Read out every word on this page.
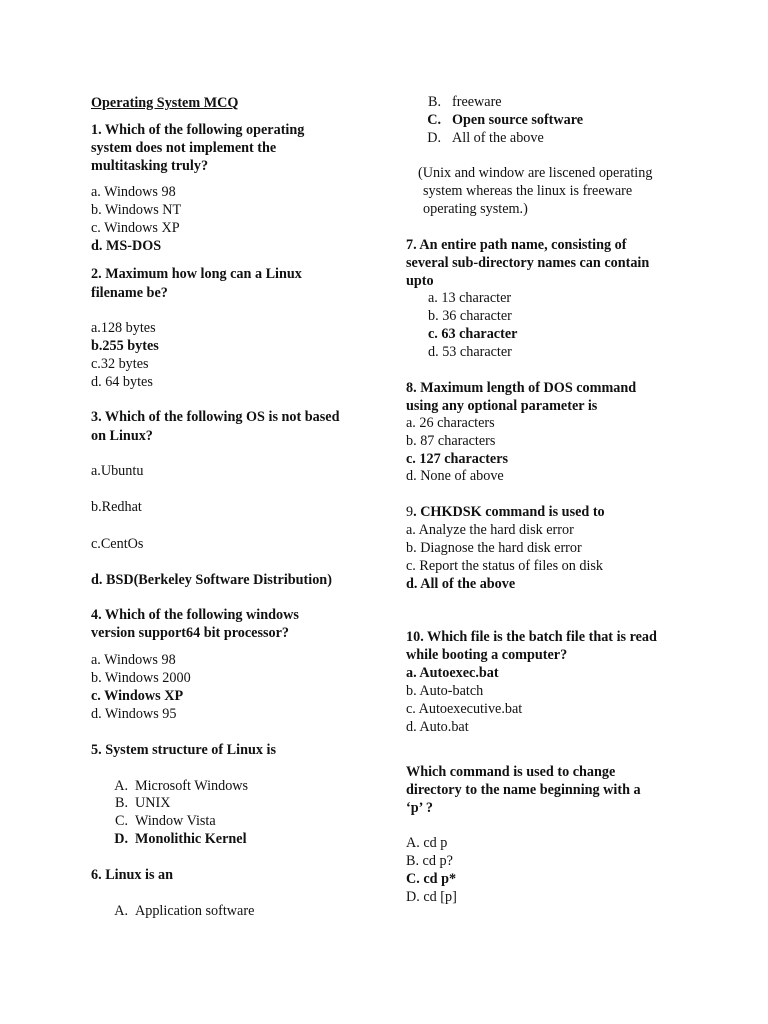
Operating System MCQ
1. Which of the following operating
system does not implement the
multitasking truly?
a. Windows 98
b. Windows NT
c. Windows XP
d. MS-DOS
2. Maximum how long can a Linux
filename be?
a.128 bytes
b.255 bytes
c.32 bytes
d. 64 bytes
3. Which of the following OS is not based
on Linux?
a.Ubuntu
b.Redhat
c.CentOs
d. BSD(Berkeley Software Distribution)
4. Which of the following windows
version support64 bit processor?
a. Windows 98
b. Windows 2000
c. Windows XP
d. Windows 95
5. System structure of Linux is
A. Microsoft Windows
B. UNIX
C. Window Vista
D. Monolithic Kernel
6. Linux is an
A. Application software
B. freeware
C. Open source software
D. All of the above
(Unix and window are liscened operating
system whereas the linux is freeware
operating system.)
7. An entire path name, consisting of
several sub-directory names can contain
upto
a. 13 character
b. 36 character
c. 63 character
d. 53 character
8. Maximum length of DOS command
using any optional parameter is
a. 26 characters
b. 87 characters
c. 127 characters
d. None of above
9. CHKDSK command is used to
a. Analyze the hard disk error
b. Diagnose the hard disk error
c. Report the status of files on disk
d. All of the above
10. Which file is the batch file that is read
while booting a computer?
a. Autoexec.bat
b. Auto-batch
c. Autoexecutive.bat
d. Auto.bat
Which command is used to change
directory to the name beginning with a
‘p’ ?
A. cd p
B. cd p?
C. cd p*
D. cd [p]
